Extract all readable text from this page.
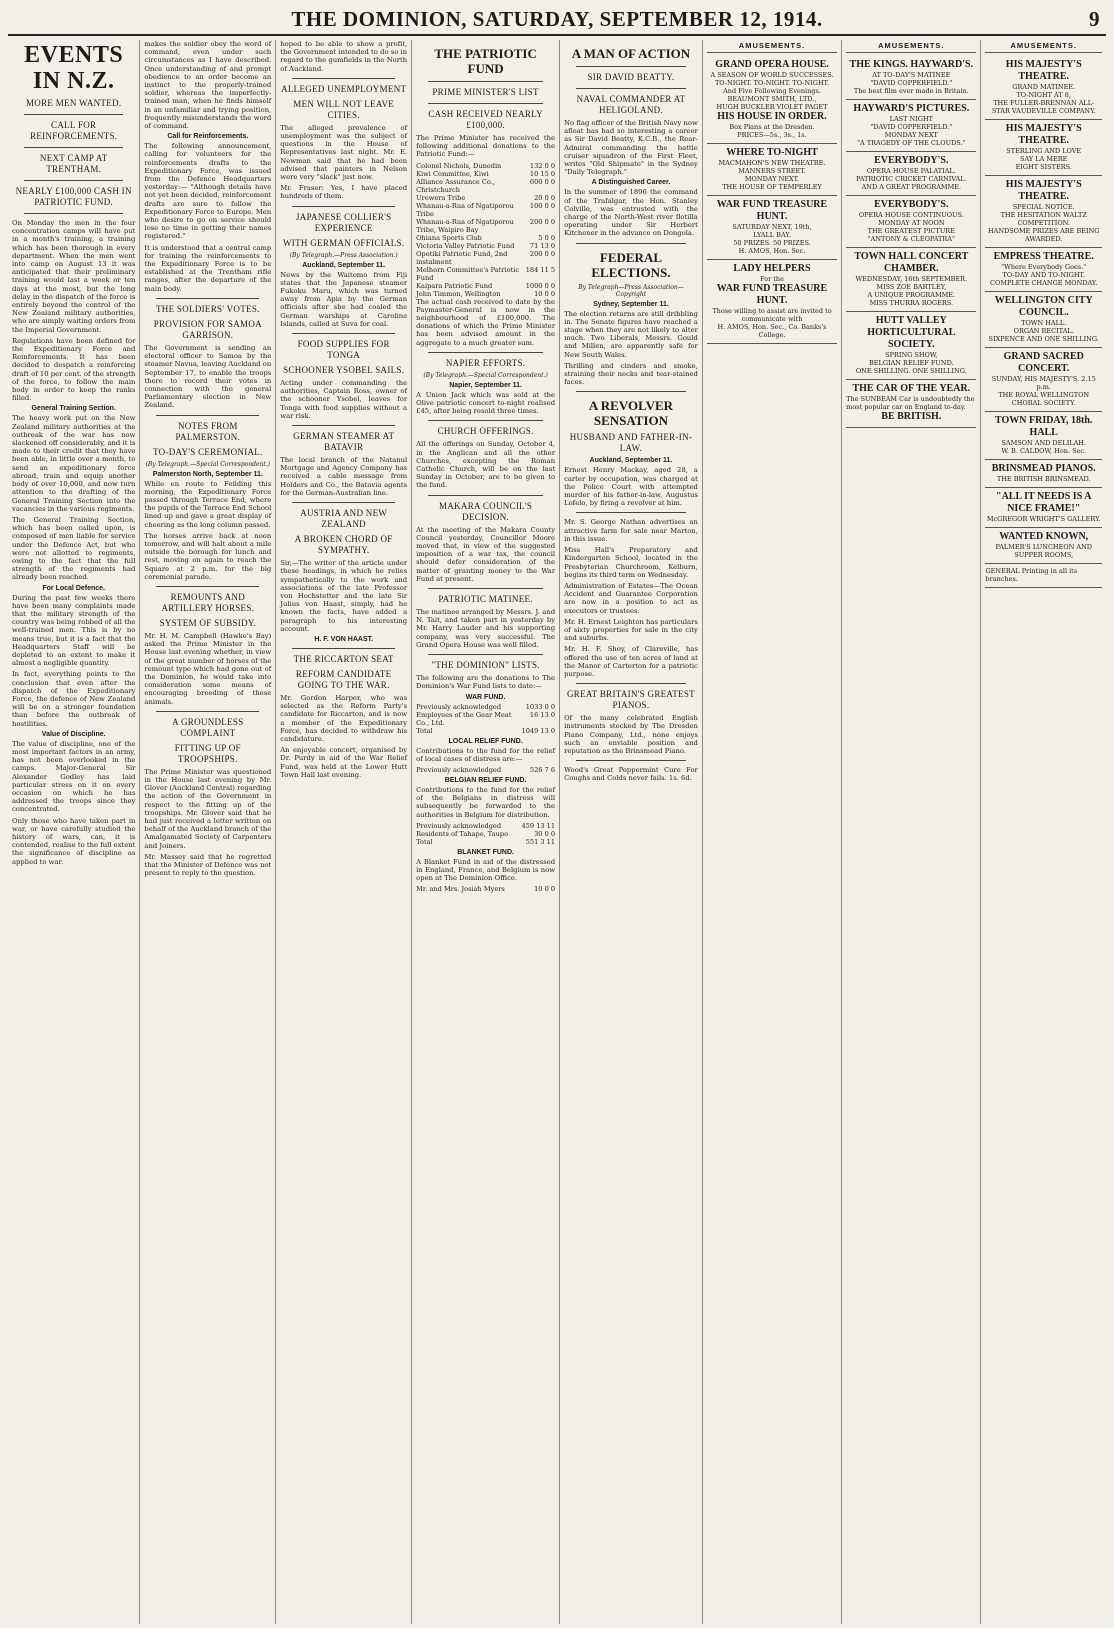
THE DOMINION, SATURDAY, SEPTEMBER 12, 1914.	9
EVENTS IN N.Z.
MORE MEN WANTED.
CALL FOR REINFORCEMENTS.
NEXT CAMP AT TRENTHAM.
NEARLY £100,000 CASH IN PATRIOTIC FUND.

On Monday the men in the four concentration camps will have put in a month's training, a training which has been thorough in every department. When the men went into camp on August 13 it was anticipated that their preliminary training would last a week or ten days at the most, but the long delay in the dispatch of the force is entirely beyond the control of the New Zealand military authorities, who are simply waiting orders from the Imperial Government.

Regulations have been defined for the Expeditionary Force and Reinforcements. It has been decided to despatch a reinforcing draft of 10 per cent. of the strength of the force, to follow the main body in order to keep the ranks filled.

General Training Section.

The heavy work put on the New Zealand military authorities at the outbreak of the war has now slackened off considerably, and it is made to their credit that they have been able, in little over a month, to send an expeditionary force abroad, train and equip another body of over 10,000, and now turn attention to the drafting of the General Training Section into the vacancies in the various regiments.

The General Training Section, which has been called upon, is composed of men liable for service under the Defence Act, but who were not allotted to regiments, owing to the fact that the full strength of the regiments had already been reached.

For Local Defence.

During the past few weeks there have been many complaints made that the military strength of the country was being robbed of all the well-trained men. This is by no means true, but it is a fact that the Headquarters Staff will be depleted to an extent to make it almost a negligible quantity.

In fact, everything points to the conclusion that even after the dispatch of the Expeditionary Force, the defence of New Zealand will be on a stronger foundation than before the outbreak of hostilities.

Value of Discipline.

The value of discipline, one of the most important factors in an army, has not been overlooked in the camps. Major-General Sir Alexander Godley has laid particular stress on it on every occasion on which he has addressed the troops since they concentrated.

Only those who have taken part in war, or have carefully studied the history of wars, can, it is contended, realise to the full extent the significance of discipline as applied to war.

makes the soldier obey the word of command, even under such circumstances as I have described. Once understanding of and prompt obedience to an order become an instinct to the properly-trained soldier, whereas the imperfectly-trained man, when he finds himself in an unfamiliar and trying position, frequently misunderstands the word of command.

Call for Reinforcements.

The following announcement, calling for volunteers for the reinforcements drafts to the Expeditionary Force, was issued from the Defence Headquarters yesterday:— "Although details have not yet been decided, reinforcement drafts are sure to follow the Expeditionary Force to Europe. Men who desire to go on service should lose no time in getting their names registered."

It is understood that a central camp for training the reinforcements to the Expeditionary Force is to be established at the Trentham rifle ranges, after the departure of the main body.

THE SOLDIERS' VOTES.
PROVISION FOR SAMOA GARRISON.

The Government is sending an electoral officer to Samoa by the steamer Navua, leaving Auckland on September 17, to enable the troops there to record their votes in connection with the general Parliamentary election in New Zealand.

NOTES FROM PALMERSTON.
TO-DAY'S CEREMONIAL.
(By Telegraph.—Special Correspondent.)
Palmerston North, September 11.

While en route to Feilding this morning, the Expeditionary Force passed through Terrace End, where the pupils of the Terrace End School lined up and gave a great display of cheering as the long column passed.

The horses arrive back at noon tomorrow, and will halt about a mile outside the borough for lunch and rest, moving on again to reach the Square at 2 p.m. for the big ceremonial parade.

REMOUNTS AND ARTILLERY HORSES.
SYSTEM OF SUBSIDY.

Mr. H. M. Campbell (Hawke's Bay) asked the Prime Minister in the House last evening whether, in view of the great number of horses of the remount type which had gone out of the Dominion, he would take into consideration some means of encouraging breeding of these animals.

A GROUNDLESS COMPLAINT
FITTING UP OF TROOPSHIPS.

The Prime Minister was questioned in the House last evening by Mr. Glover (Auckland Central) regarding the action of the Government in respect to the fitting up of the troopships. Mr. Glover said that he had just received a letter written on behalf of the Auckland branch of the Amalgamated Society of Carpenters and Joiners.

Mr. Massey said that he regretted that the Minister of Defence was not present to reply to the question.

hoped to be able to show a profit, the Government intended to do so in regard to the gumfields in the North of Auckland.

ALLEGED UNEMPLOYMENT
MEN WILL NOT LEAVE CITIES.

The alleged prevalence of unemployment was the subject of questions in the House of Representatives last night. Mr. E. Newman said that he had been advised that painters in Nelson were very "slack" just now.

Mr. Fraser: Yes, I have placed hundreds of them.

JAPANESE COLLIER'S EXPERIENCE
WITH GERMAN OFFICIALS.
(By Telegraph.—Press Association.)
Auckland, September 11.

News by the Waitomo from Fiji states that the Japanese steamer Fukoku Maru, which was turned away from Apia by the German officials after she had coaled the German warships at Caroline Islands, called at Suva for coal.

FOOD SUPPLIES FOR TONGA
SCHOONER YSOBEL SAILS.

Acting under commanding the authorities, Captain Ross, owner of the schooner Ysobel, leaves for Tonga with food supplies without a war risk.

GERMAN STEAMER AT BATAVIR

The local branch of the Natanul Mortgage and Agency Company has received a cable message from Holders and Co., the Batavia agents for the German-Australian line.

AUSTRIA AND NEW ZEALAND
A BROKEN CHORD OF SYMPATHY.

Sir,—The writer of the article under these headings, in which he relies sympathetically to the work and associations of the late Professor von Hochstetter and the late Sir Julius von Haast, simply, had he known the facts, have added a paragraph to his interesting account.

H. F. VON HAAST.
THE RICCARTON SEAT
REFORM CANDIDATE GOING TO THE WAR.

Mr. Gordon Harper, who was selected as the Reform Party's candidate for Riccarton, and is now a member of the Expeditionary Force, has decided to withdraw his candidature.

An enjoyable concert, organised by Dr. Purdy in aid of the War Relief Fund, was held at the Lower Hutt Town Hall last evening.

THE PATRIOTIC FUND
PRIME MINISTER'S LIST
CASH RECEIVED NEARLY £100,000.

The Prime Minister has received the following additional donations to the Patriotic Fund:—

Colonel Nichols, Dunedin	132 0 0
Kiwi Committee, Kiwi	10 15 0
Alliance Assurance Co., Christchurch	600 0 0
Urewera Tribe	20 0 0
Whanau-a-Rua of Ngatiporou Tribe	100 0 0
Whanau-a-Rua of Ngatiporou Tribe, Waipiro Bay	200 0 0
Ohiana Sports Club	5 0 0
Victoria Valley Patriotic Fund	71 13 0
Opotiki Patriotic Fund, 2nd instalment	200 0 0
Melhorn Committee's Patriotic Fund	184 11 5
Kaipara Patriotic Fund	1000 0 0
John Timmon, Wellington	10 0 0

The actual cash received to date by the Paymaster-General is now in the neighbourhood of £100,000. The donations of which the Prime Minister has been advised amount in the aggregate to a much greater sum.

NAPIER EFFORTS.
(By Telegraph.—Special Correspondent.)
Napier, September 11.

A Union Jack which was sold at the Olive patriotic concert to-night realised £45, after being resold three times.

CHURCH OFFERINGS.

All the offerings on Sunday, October 4, in the Anglican and all the other Churches, excepting the Roman Catholic Church, will be on the last Sunday in October, are to be given to the fund.

MAKARA COUNCIL'S DECISION.

At the meeting of the Makara County Council yesterday, Councillor Moore moved that, in view of the suggested imposition of a war tax, the council should defer consideration of the matter of granting money to the War Fund at present.

PATRIOTIC MATINEE.

The matinee arranged by Messrs. J. and N. Tait, and taken part in yesterday by Mr. Harry Lauder and his supporting company, was very successful. The Grand Opera House was well filled.

"THE DOMINION" LISTS.

The following are the donations to The Dominion's War Fund lists to date:—

WAR FUND.
Previously acknowledged	1033 0 0
Employees of the Gear Meat Co., Ltd.	16 13 0
Total	1049 13 0
LOCAL RELIEF FUND.

Contributions to the fund for the relief of local cases of distress are:—

Previously acknowledged	526 7 6
BELGIAN RELIEF FUND.

Contributions to the fund for the relief of the Belgians in distress will subsequently be forwarded to the authorities in Belgium for distribution.

Previously acknowledged	459 13 11
Residents of Tahape, Taupo	30 0 0
Total	551 3 11
BLANKET FUND.

A Blanket Fund in aid of the distressed in England, France, and Belgium is now open at The Dominion Office.

Mr. and Mrs. Josiah Myers	10 0 0
A MAN OF ACTION
SIR DAVID BEATTY.
NAVAL COMMANDER AT HELIGOLAND.

No flag officer of the British Navy now afloat has had so interesting a career as Sir David Beatty, K.C.B., the Rear-Admiral commanding the battle cruiser squadron of the First Fleet, writes "Old Shipmate" in the Sydney "Daily Telegraph."

A Distinguished Career.

In the summer of 1896 the command of the Trafalgar, the Hon. Stanley Colville, was entrusted with the charge of the North-West river flotilla operating under Sir Herbert Kitchener in the advance on Dongola.

FEDERAL ELECTIONS.
By Telegraph—Press Association—Copyright
Sydney, September 11.

The election returns are still dribbling in. The Senate figures have reached a stage when they are not likely to alter much. Two Liberals, Messrs. Gould and Millen, are apparently safe for New South Wales.

Thrilling and cinders and smoke, straining their necks and tear-stained faces.

A REVOLVER SENSATION
HUSBAND AND FATHER-IN-LAW.
Auckland, September 11.

Ernest Henry Mackay, aged 28, a carter by occupation, was charged at the Police Court with attempted murder of his father-in-law, Augustus Lofelo, by firing a revolver at him.

Mr. S. George Nathan advertises an attractive farm for sale near Marton, in this issue.

Miss Hall's Preparatory and Kindergarten School, located in the Presbyterian Churchroom, Kelburn, begins its third term on Wednesday.

Administration of Estates—The Ocean Accident and Guarantee Corporation are now in a position to act as executors or trustees.

Mr. H. Ernest Leighton has particulars of sixty properties for sale in the city and suburbs.

Mr. H. F. Shoy, of Clareville, has offered the use of ten acres of land at the Manor of Carterton for a patriotic purpose.

GREAT BRITAIN'S GREATEST PIANOS.

Of the many celebrated English instruments stocked by The Dresden Piano Company, Ltd., none enjoys such an enviable position and reputation as the Brinsmead Piano.

Wood's Great Peppermint Cure For Coughs and Colds never fails. 1s. 6d.

AMUSEMENTS.
GRAND OPERA HOUSE.
A SEASON OF WORLD SUCCESSES.
TO-NIGHT. TO-NIGHT. TO-NIGHT.
And Five Following Evenings.
BEAUMONT SMITH, LTD.,
HUGH BUCKLER VIOLET PAGET
HIS HOUSE IN ORDER.
Box Plans at the Dresden.
PRICES—5s., 3s., 1s.
WHERE TO-NIGHT
MACMAHON'S NEW THEATRE.
MANNERS STREET.
MONDAY NEXT.
THE HOUSE OF TEMPERLEY
WAR FUND TREASURE HUNT.
SATURDAY NEXT, 19th,
LYALL BAY.
50 PRIZES. 50 PRIZES.
H. AMOS, Hon. Sec.
LADY HELPERS
For the
WAR FUND TREASURE HUNT.
Those willing to assist are invited to communicate with
H. AMOS, Hon. Sec., Co. Banks's College.
AMUSEMENTS.
THE KINGS. HAYWARD'S.
AT TO-DAY'S MATINEE
"DAVID COPPERFIELD."
The best film ever made in Britain.
HAYWARD'S PICTURES.
LAST NIGHT
"DAVID COPPERFIELD."
MONDAY NEXT
"A TRAGEDY OF THE CLOUDS."
EVERYBODY'S.
OPERA HOUSE PALATIAL.
PATRIOTIC CRICKET CARNIVAL.
AND A GREAT PROGRAMME.
EVERYBODY'S.
OPERA HOUSE CONTINUOUS.
MONDAY AT NOON
THE GREATEST PICTURE
"ANTONY & CLEOPATRA"
TOWN HALL CONCERT CHAMBER.
WEDNESDAY, 16th SEPTEMBER.
MISS ZOE BARTLEY,
A UNIQUE PROGRAMME.
MISS THURRA ROGERS.
HUTT VALLEY HORTICULTURAL SOCIETY.
SPRING SHOW,
BELGIAN RELIEF FUND.
ONE SHILLING. ONE SHILLING.
THE CAR OF THE YEAR.
The SUNBEAM Car is undoubtedly the most popular car on England to-day.
BE BRITISH.
AMUSEMENTS.
HIS MAJESTY'S THEATRE.
GRAND MATINEE.
TO-NIGHT AT 8,
THE FULLER-BRENNAN ALL-STAR VAUDEVILLE COMPANY.
HIS MAJESTY'S THEATRE.
STERLING AND LOVE
SAY LA MERE
EIGHT SISTERS.
HIS MAJESTY'S THEATRE.
SPECIAL NOTICE.
THE HESITATION WALTZ COMPETITION.
HANDSOME PRIZES ARE BEING AWARDED.
EMPRESS THEATRE.
"Where Everybody Goes."
TO-DAY AND TO-NIGHT.
COMPLETE CHANGE MONDAY.
WELLINGTON CITY COUNCIL.
TOWN HALL.
ORGAN RECITAL.
SIXPENCE AND ONE SHILLING.
GRAND SACRED CONCERT.
SUNDAY, HIS MAJESTY'S. 2.15 p.m.
THE ROYAL WELLINGTON CHORAL SOCIETY.
TOWN FRIDAY, 18th. HALL
SAMSON AND DELILAH.
W. B. CALDOW, Hon. Sec.
BRINSMEAD PIANOS.
THE BRITISH BRINSMEAD.
"ALL IT NEEDS IS A NICE FRAME!"
McGREGOR WRIGHT'S GALLERY.
WANTED KNOWN,
PALMER'S LUNCHEON AND SUPPER ROOMS,
GENERAL Printing in all its branches.
